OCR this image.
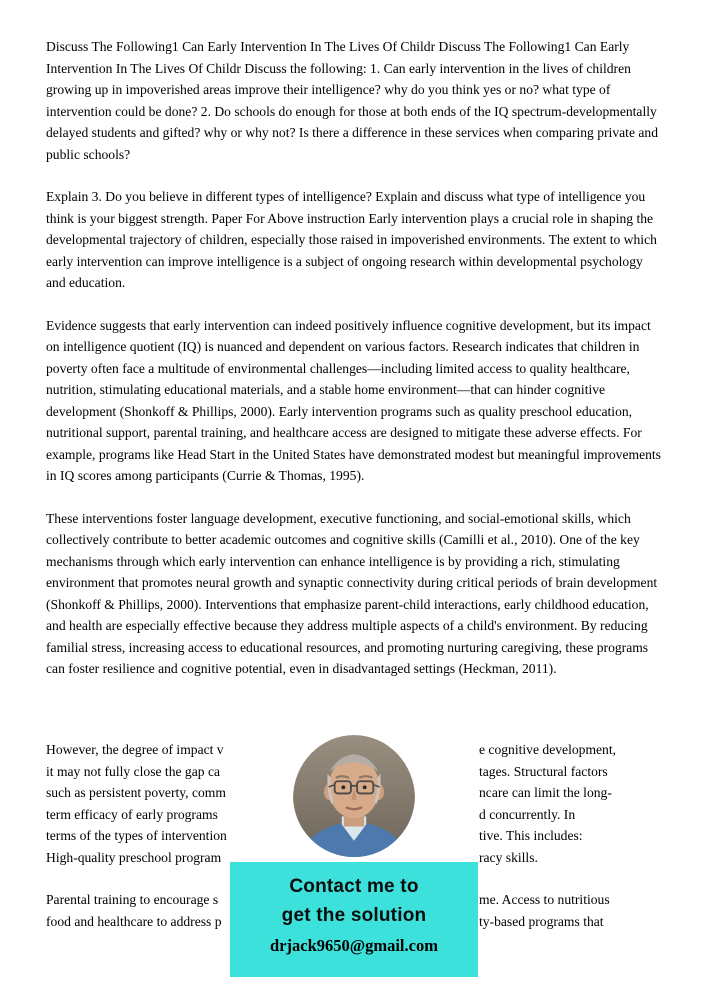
Discuss The Following1 Can Early Intervention In The Lives Of Childr Discuss The Following1 Can Early Intervention In The Lives Of Childr Discuss the following: 1. Can early intervention in the lives of children growing up in impoverished areas improve their intelligence? why do you think yes or no? what type of intervention could be done? 2. Do schools do enough for those at both ends of the IQ spectrum-developmentally delayed students and gifted? why or why not? Is there a difference in these services when comparing private and public schools?

Explain 3. Do you believe in different types of intelligence? Explain and discuss what type of intelligence you think is your biggest strength. Paper For Above instruction Early intervention plays a crucial role in shaping the developmental trajectory of children, especially those raised in impoverished environments. The extent to which early intervention can improve intelligence is a subject of ongoing research within developmental psychology and education.

Evidence suggests that early intervention can indeed positively influence cognitive development, but its impact on intelligence quotient (IQ) is nuanced and dependent on various factors. Research indicates that children in poverty often face a multitude of environmental challenges—including limited access to quality healthcare, nutrition, stimulating educational materials, and a stable home environment—that can hinder cognitive development (Shonkoff & Phillips, 2000). Early intervention programs such as quality preschool education, nutritional support, parental training, and healthcare access are designed to mitigate these adverse effects. For example, programs like Head Start in the United States have demonstrated modest but meaningful improvements in IQ scores among participants (Currie & Thomas, 1995).

These interventions foster language development, executive functioning, and social-emotional skills, which collectively contribute to better academic outcomes and cognitive skills (Camilli et al., 2010). One of the key mechanisms through which early intervention can enhance intelligence is by providing a rich, stimulating environment that promotes neural growth and synaptic connectivity during critical periods of brain development (Shonkoff & Phillips, 2000). Interventions that emphasize parent-child interactions, early childhood education, and health are especially effective because they address multiple aspects of a child's environment. By reducing familial stress, increasing access to educational resources, and promoting nurturing caregiving, these programs can foster resilience and cognitive potential, even in disadvantaged settings (Heckman, 2011).

However, the degree of impact v	e cognitive development,
it may not fully close the gap ca	tages. Structural factors
such as persistent poverty, comm	ncare can limit the long-
term efficacy of early programs	d concurrently. In
terms of the types of intervention	tive. This includes:
High-quality preschool program	racy skills.
Parental training to encourage s	me. Access to nutritious
food and healthcare to address p	ty-based programs that
Contact me to
get the solution
drjack9650@gmail.com
